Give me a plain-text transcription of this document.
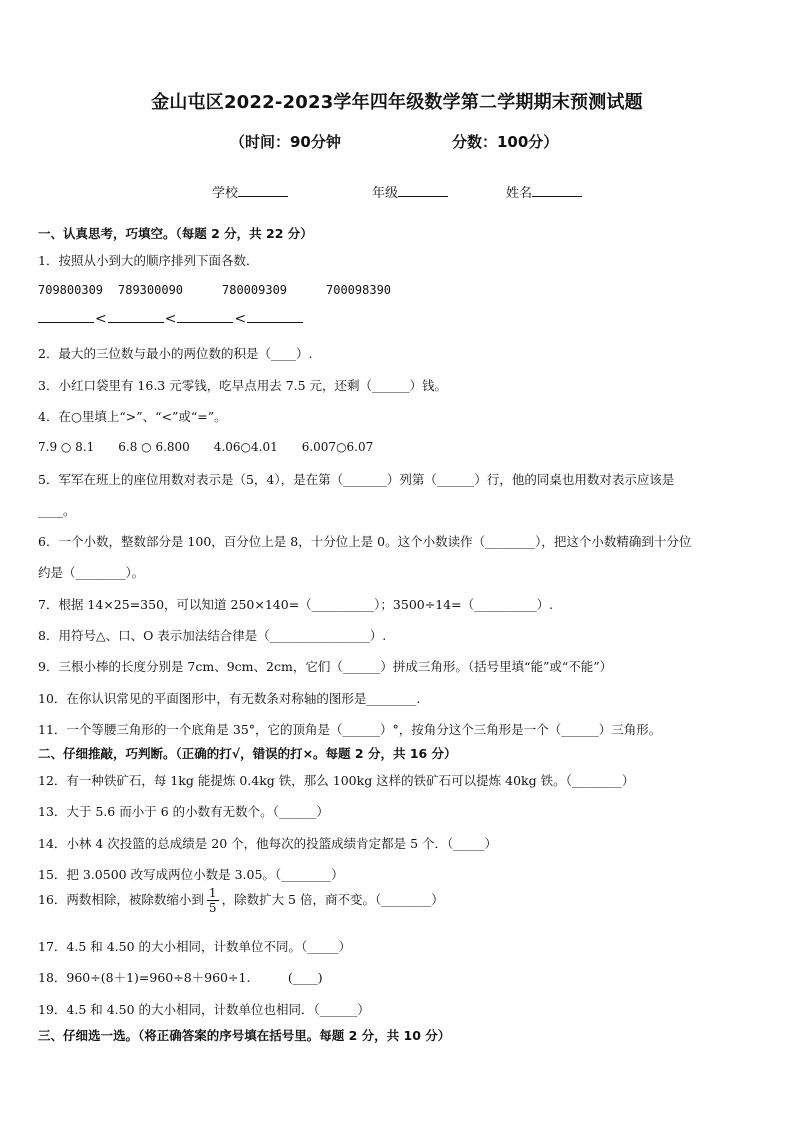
金山屯区2022-2023学年四年级数学第二学期期末预测试题
（时间：90分钟	分数：100分）
学校	年级	姓名
一、认真思考，巧填空。（每题 2 分，共 22 分）
1．按照从小到大的顺序排列下面各数．
709800309 789300090	780009309	700098390
<	<	<
2．最大的三位数与最小的两位数的积是（____）.
3．小红口袋里有 16.3 元零钱，吃早点用去 7.5 元，还剩（______）钱。
4．在○里填上“>”、“<”或“=”。
7.9 ○ 8.1　　6.8 ○ 6.800　　4.06○4.01　　6.007○6.07
5．军军在班上的座位用数对表示是（5，4），是在第（_______）列第（______）行，他的同桌也用数对表示应该是
____。
6．一个小数，整数部分是 100，百分位上是 8，十分位上是 0。这个小数读作（________），把这个小数精确到十分位
约是（________）。
7．根据 14×25=350，可以知道 250×140=（__________）；3500÷14=（__________）.
8．用符号△、口、O 表示加法结合律是（________________）.
9．三根小棒的长度分别是 7cm、9cm、2cm，它们（______）拼成三角形。（括号里填“能”或“不能”）
10．在你认识常见的平面图形中，有无数条对称轴的图形是________.
11．一个等腰三角形的一个底角是 35°，它的顶角是（______）°，按角分这个三角形是一个（______）三角形。
二、仔细推敲，巧判断。（正确的打√，错误的打×。每题 2 分，共 16 分）
12．有一种铁矿石，每 1kg 能提炼 0.4kg 铁，那么 100kg 这样的铁矿石可以提炼 40kg 铁。（________）
13．大于 5.6 而小于 6 的小数有无数个。（______）
14．小林 4 次投篮的总成绩是 20 个，他每次的投篮成绩肯定都是 5 个．（_____）
15．把 3.0500 改写成两位小数是 3.05。（________）
16．两数相除，被除数缩小到 $\frac{1}{5}$ ，除数扩大 5 倍，商不变。（________）
17．4.5 和 4.50 的大小相同，计数单位不同。（_____）
18．960÷(8＋1)=960÷8＋960÷1.　　　(____)
19．4.5 和 4.50 的大小相同，计数单位也相同．（______）
三、仔细选一选。（将正确答案的序号填在括号里。每题 2 分，共 10 分）
